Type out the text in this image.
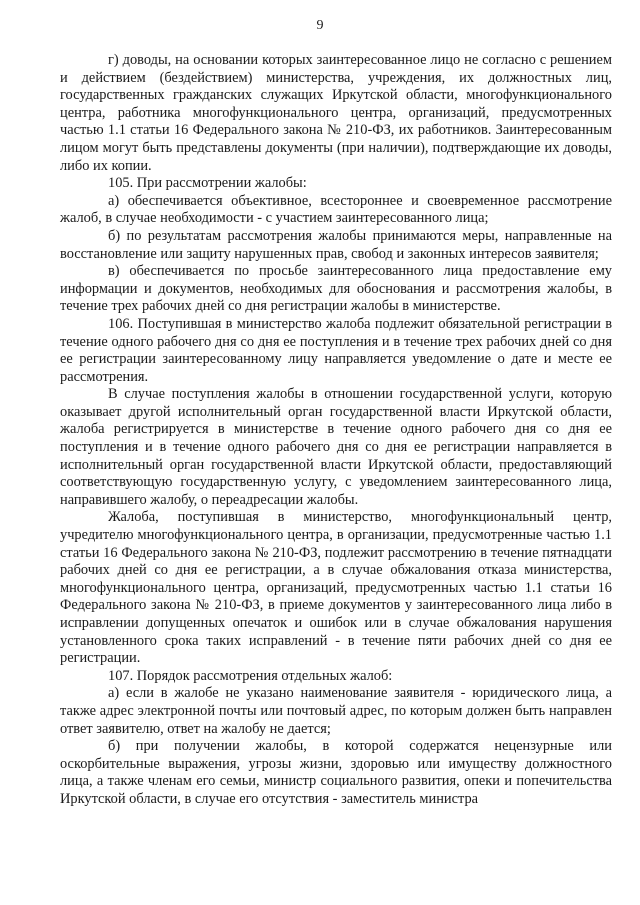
9

г) доводы, на основании которых заинтересованное лицо не согласно с решением и действием (бездействием) министерства, учреждения, их должностных лиц, государственных гражданских служащих Иркутской области, многофункционального центра, работника многофункционального центра, организаций, предусмотренных частью 1.1 статьи 16 Федерального закона № 210-ФЗ, их работников. Заинтересованным лицом могут быть представлены документы (при наличии), подтверждающие их доводы, либо их копии.

105. При рассмотрении жалобы:

а) обеспечивается объективное, всестороннее и своевременное рассмотрение жалоб, в случае необходимости - с участием заинтересованного лица;

б) по результатам рассмотрения жалобы принимаются меры, направленные на восстановление или защиту нарушенных прав, свобод и законных интересов заявителя;

в) обеспечивается по просьбе заинтересованного лица предоставление ему информации и документов, необходимых для обоснования и рассмотрения жалобы, в течение трех рабочих дней со дня регистрации жалобы в министерстве.

106. Поступившая в министерство жалоба подлежит обязательной регистрации в течение одного рабочего дня со дня ее поступления и в течение трех рабочих дней со дня ее регистрации заинтересованному лицу направляется уведомление о дате и месте ее рассмотрения.

В случае поступления жалобы в отношении государственной услуги, которую оказывает другой исполнительный орган государственной власти Иркутской области, жалоба регистрируется в министерстве в течение одного рабочего дня со дня ее поступления и в течение одного рабочего дня со дня ее регистрации направляется в исполнительный орган государственной власти Иркутской области, предоставляющий соответствующую государственную услугу, с уведомлением заинтересованного лица, направившего жалобу, о переадресации жалобы.

Жалоба, поступившая в министерство, многофункциональный центр, учредителю многофункционального центра, в организации, предусмотренные частью 1.1 статьи 16 Федерального закона № 210-ФЗ, подлежит рассмотрению в течение пятнадцати рабочих дней со дня ее регистрации, а в случае обжалования отказа министерства, многофункционального центра, организаций, предусмотренных частью 1.1 статьи 16 Федерального закона № 210-ФЗ, в приеме документов у заинтересованного лица либо в исправлении допущенных опечаток и ошибок или в случае обжалования нарушения установленного срока таких исправлений - в течение пяти рабочих дней со дня ее регистрации.

107. Порядок рассмотрения отдельных жалоб:

а) если в жалобе не указано наименование заявителя - юридического лица, а также адрес электронной почты или почтовый адрес, по которым должен быть направлен ответ заявителю, ответ на жалобу не дается;

б) при получении жалобы, в которой содержатся нецензурные или оскорбительные выражения, угрозы жизни, здоровью или имуществу должностного лица, а также членам его семьи, министр социального развития, опеки и попечительства Иркутской области, в случае его отсутствия - заместитель министра
